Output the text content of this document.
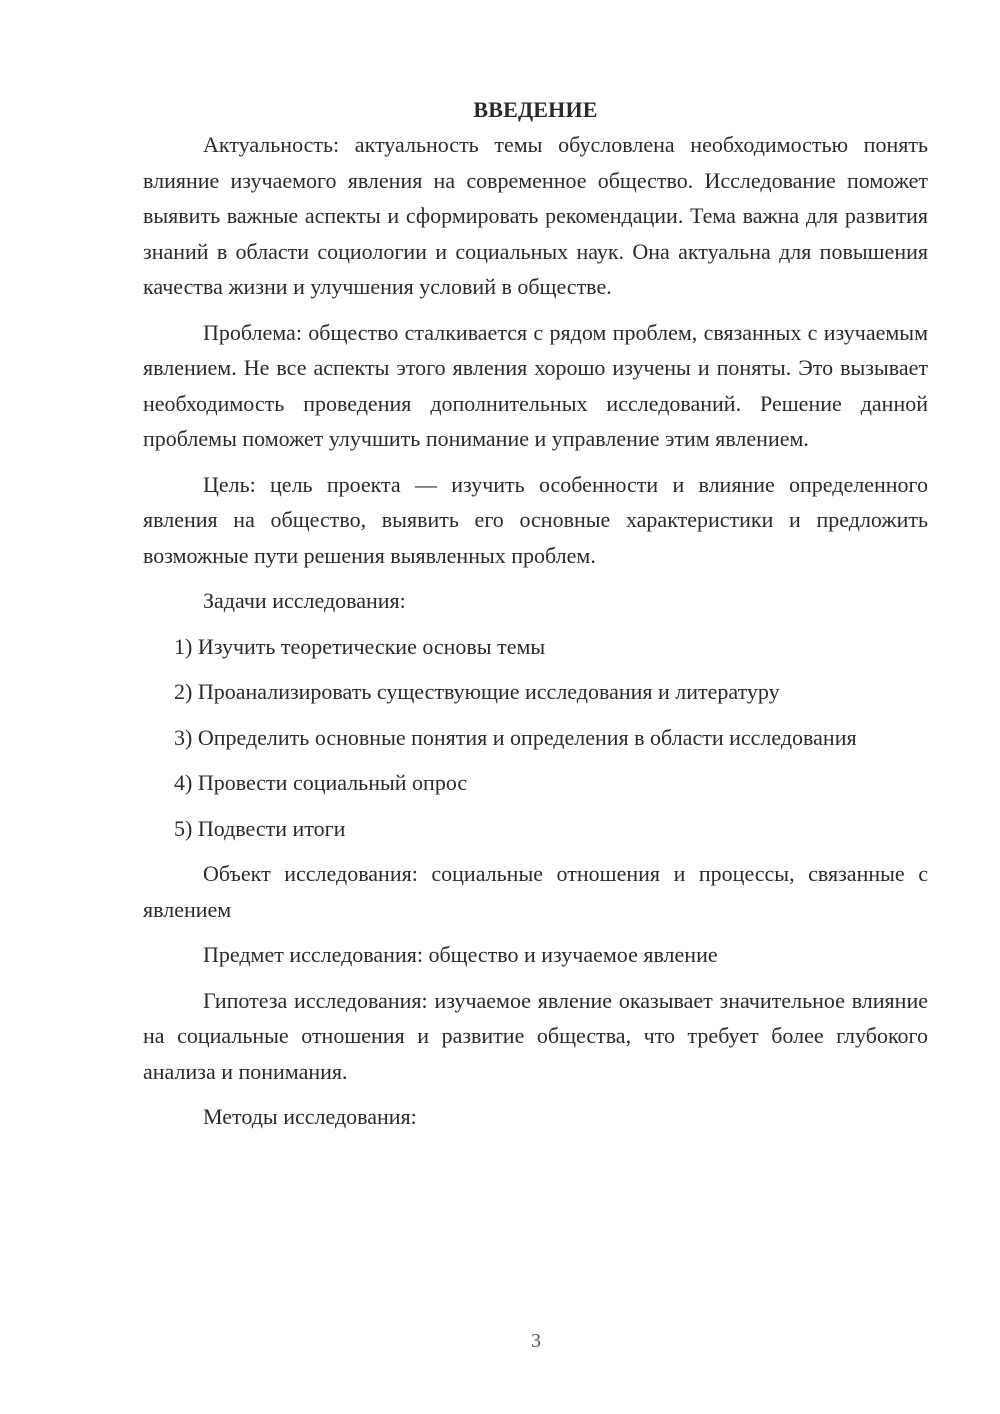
ВВЕДЕНИЕ

Актуальность: актуальность темы обусловлена необходимостью понять влияние изучаемого явления на современное общество. Исследование поможет выявить важные аспекты и сформировать рекомендации. Тема важна для развития знаний в области социологии и социальных наук. Она актуальна для повышения качества жизни и улучшения условий в обществе.

Проблема: общество сталкивается с рядом проблем, связанных с изучаемым явлением. Не все аспекты этого явления хорошо изучены и поняты. Это вызывает необходимость проведения дополнительных исследований. Решение данной проблемы поможет улучшить понимание и управление этим явлением.

Цель: цель проекта — изучить особенности и влияние определенного явления на общество, выявить его основные характеристики и предложить возможные пути решения выявленных проблем.

Задачи исследования:

1) Изучить теоретические основы темы

2) Проанализировать существующие исследования и литературу

3) Определить основные понятия и определения в области исследования

4) Провести социальный опрос

5) Подвести итоги

Объект исследования: социальные отношения и процессы, связанные с явлением

Предмет исследования: общество и изучаемое явление

Гипотеза исследования: изучаемое явление оказывает значительное влияние на социальные отношения и развитие общества, что требует более глубокого анализа и понимания.

Методы исследования:

3
